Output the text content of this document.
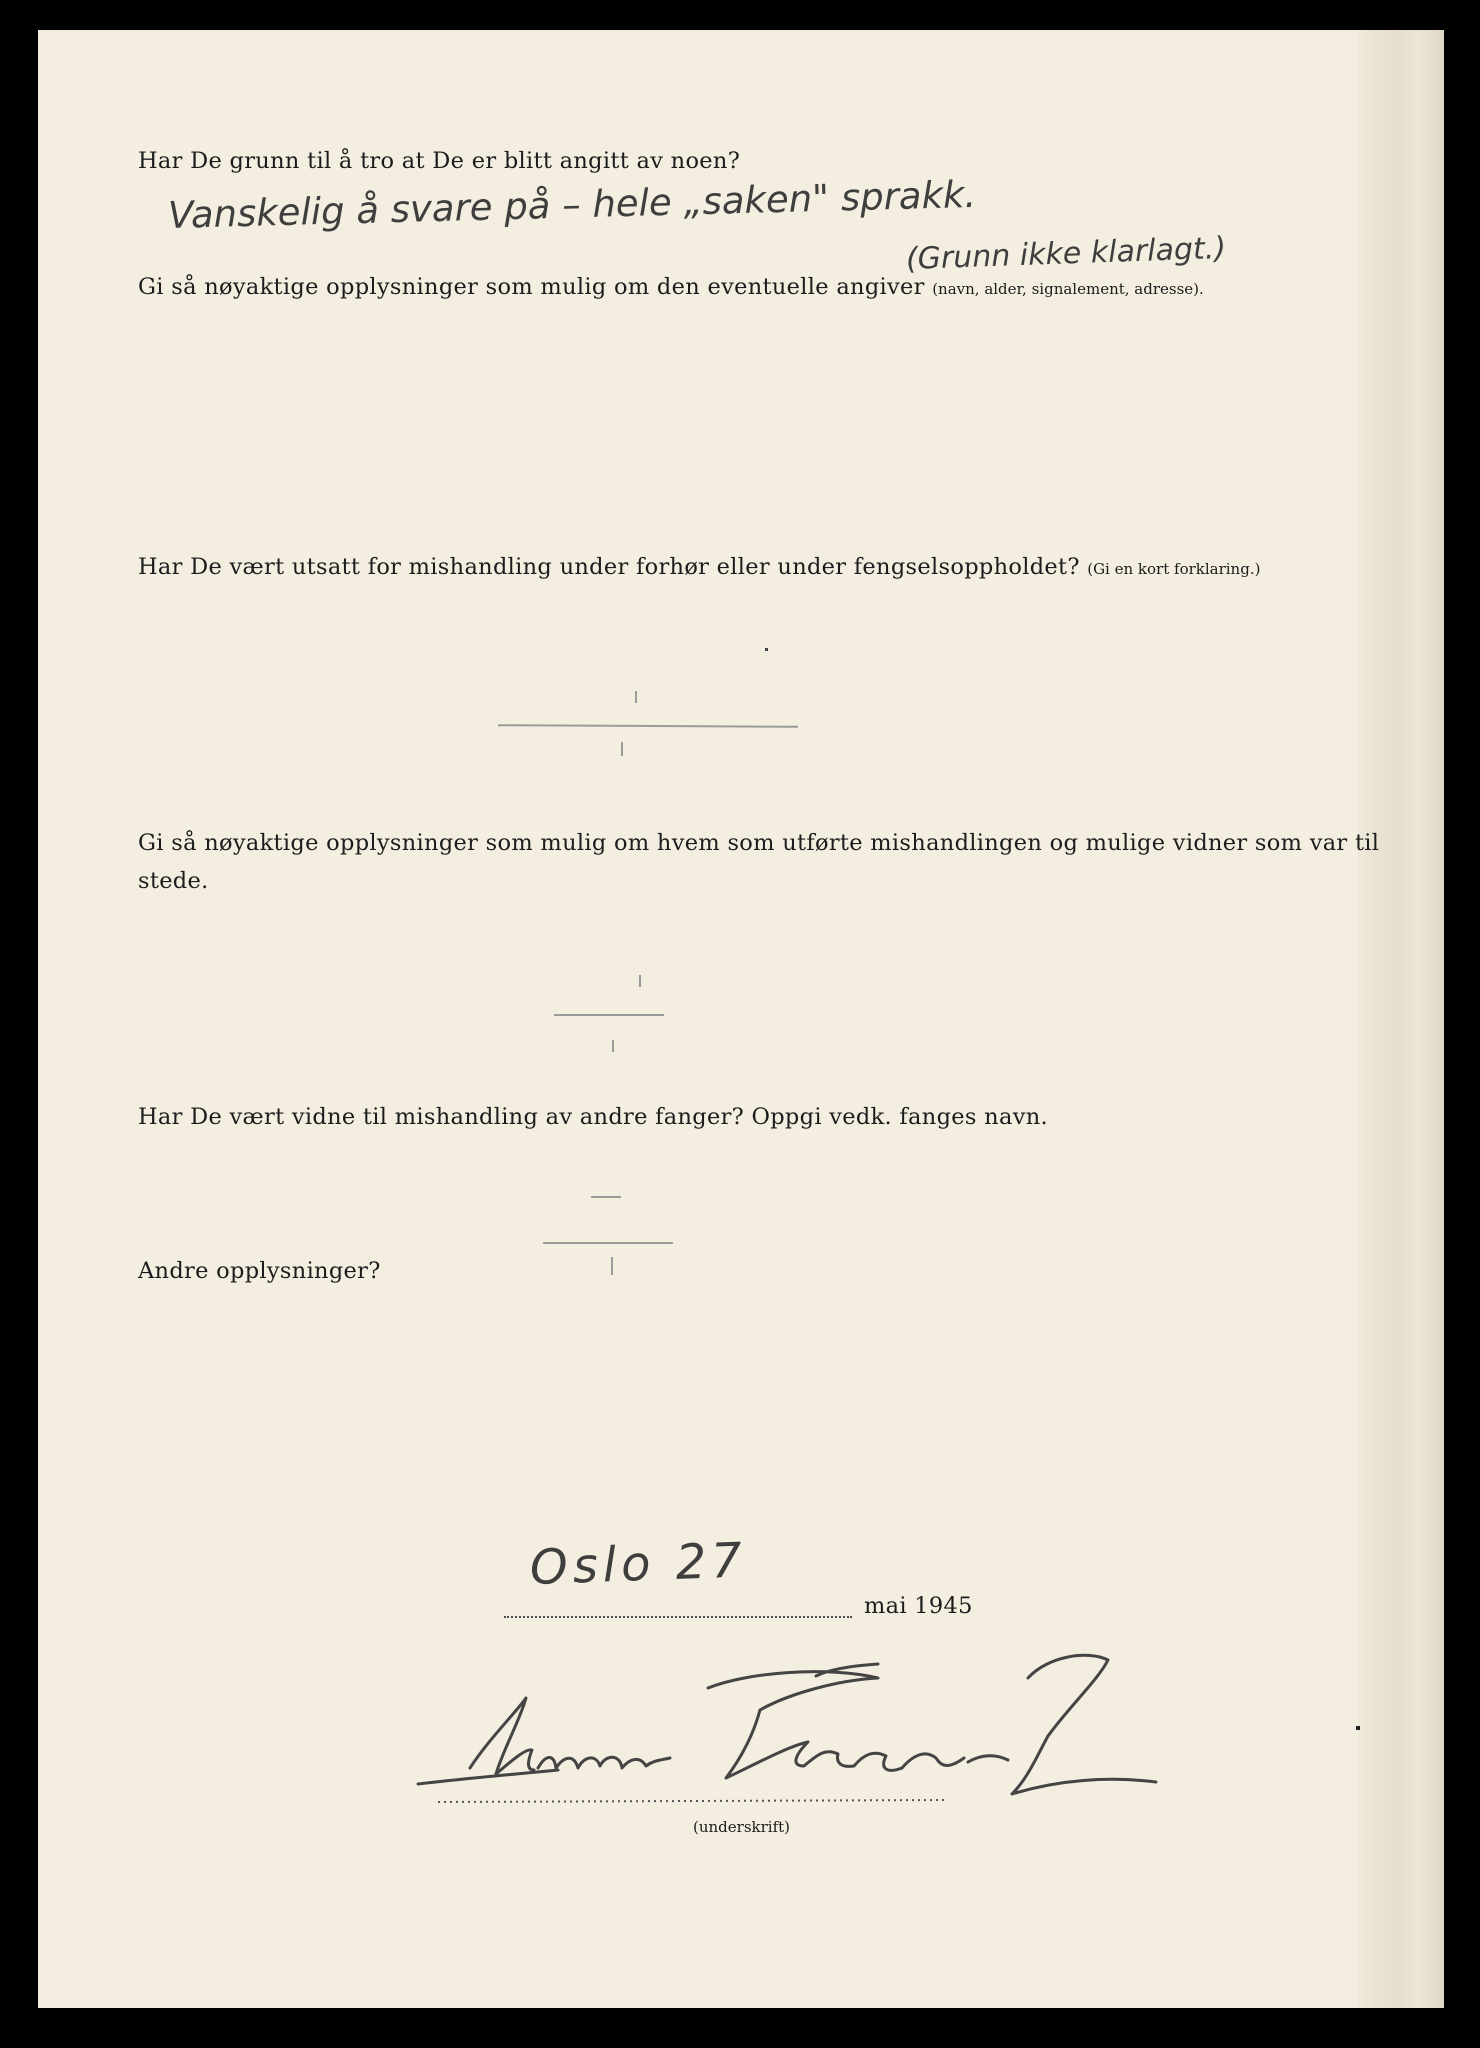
Har De grunn til å tro at De er blitt angitt av noen?
Vanskelig å svare på – hele „saken" sprakk.
(Grunn ikke klarlagt.)
Gi så nøyaktige opplysninger som mulig om den eventuelle angiver (navn, alder, signalement, adresse).
Har De vært utsatt for mishandling under forhør eller under fengselsoppholdet? (Gi en kort forklaring.)
Gi så nøyaktige opplysninger som mulig om hvem som utførte mishandlingen og mulige vidner som var til stede.
Har De vært vidne til mishandling av andre fanger? Oppgi vedk. fanges navn.
Andre opplysninger?
Oslo 27
mai 1945
(underskrift)
